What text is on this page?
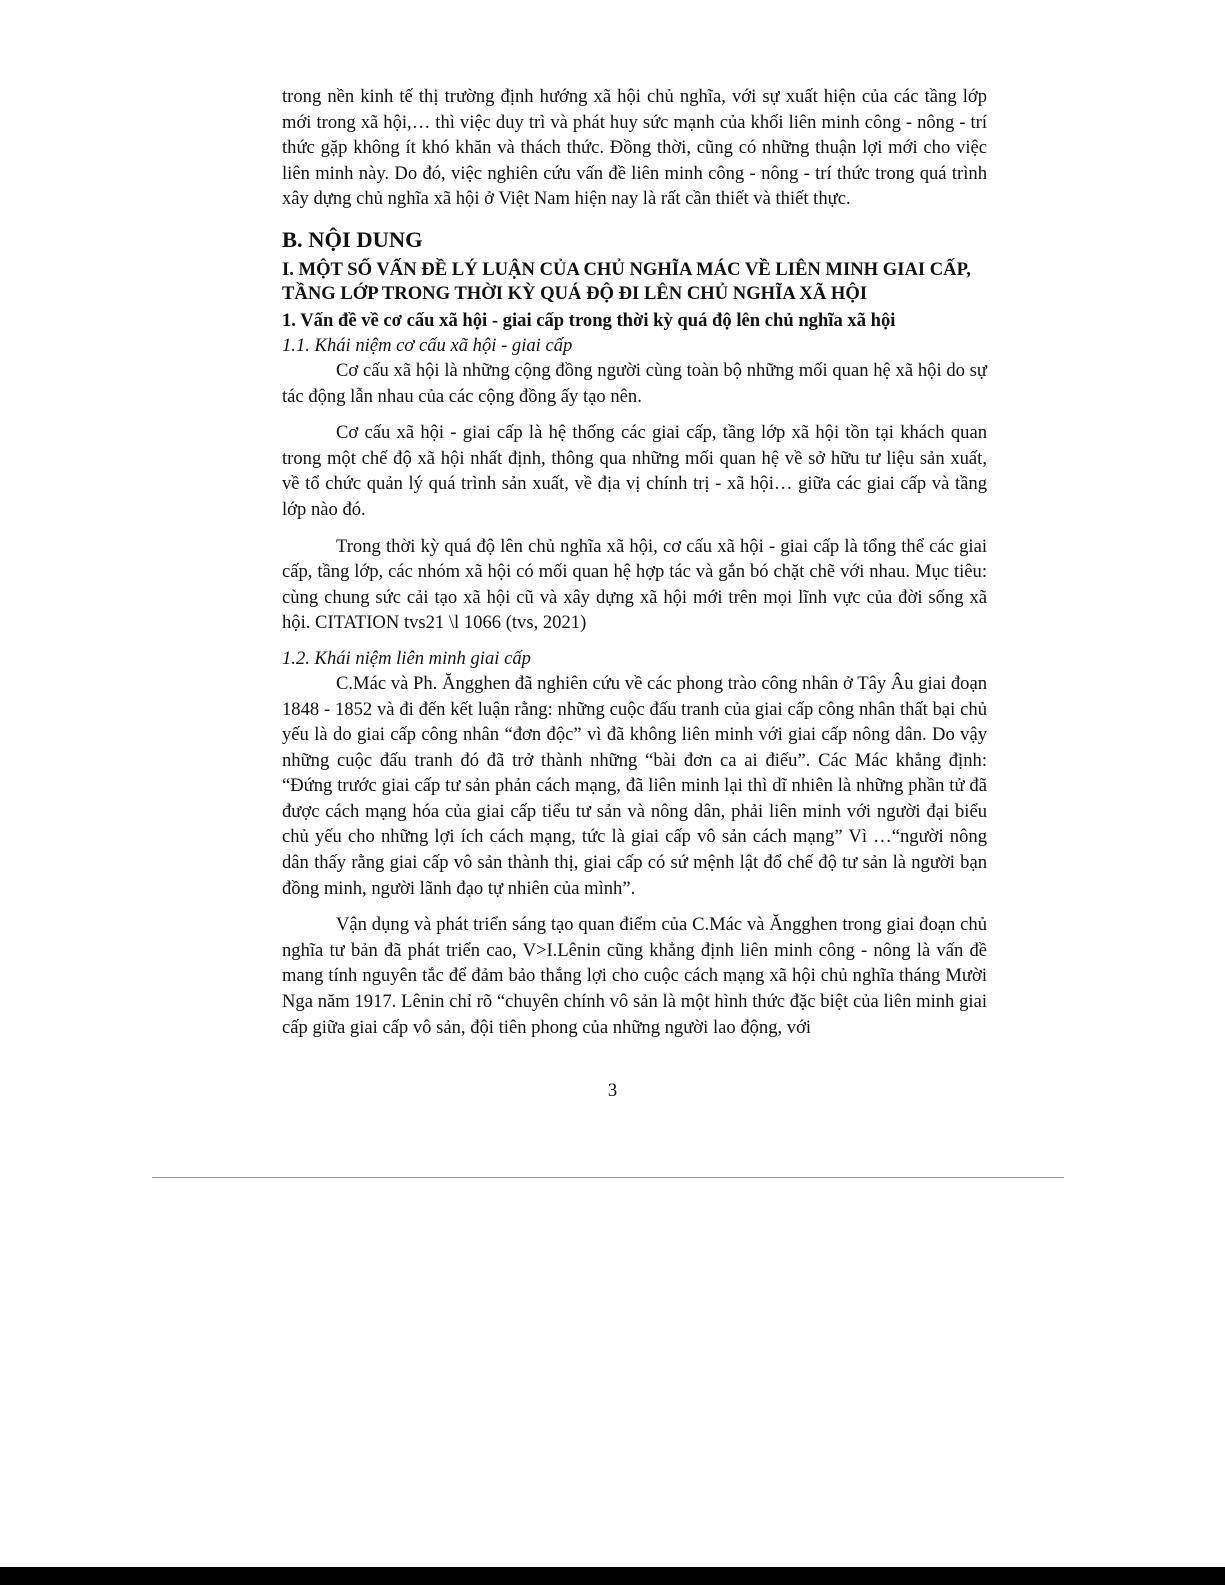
trong nền kinh tế thị trường định hướng xã hội chủ nghĩa, với sự xuất hiện của các tầng lớp mới trong xã hội,… thì việc duy trì và phát huy sức mạnh của khối liên minh công - nông - trí thức gặp không ít khó khăn và thách thức. Đồng thời, cũng có những thuận lợi mới cho việc liên minh này. Do đó, việc nghiên cứu vấn đề liên minh công - nông - trí thức trong quá trình xây dựng chủ nghĩa xã hội ở Việt Nam hiện nay là rất cần thiết và thiết thực.

B. NỘI DUNG
I. MỘT SỐ VẤN ĐỀ LÝ LUẬN CỦA CHỦ NGHĨA MÁC VỀ LIÊN MINH GIAI CẤP, TẦNG LỚP TRONG THỜI KỲ QUÁ ĐỘ ĐI LÊN CHỦ NGHĨA XÃ HỘI
1. Vấn đề về cơ cấu xã hội - giai cấp trong thời kỳ quá độ lên chủ nghĩa xã hội
1.1. Khái niệm cơ cấu xã hội - giai cấp

Cơ cấu xã hội là những cộng đồng người cùng toàn bộ những mối quan hệ xã hội do sự tác động lẫn nhau của các cộng đồng ấy tạo nên.

Cơ cấu xã hội - giai cấp là hệ thống các giai cấp, tầng lớp xã hội tồn tại khách quan trong một chế độ xã hội nhất định, thông qua những mối quan hệ về sở hữu tư liệu sản xuất, về tổ chức quản lý quá trình sản xuất, về địa vị chính trị - xã hội… giữa các giai cấp và tầng lớp nào đó.

Trong thời kỳ quá độ lên chủ nghĩa xã hội, cơ cấu xã hội - giai cấp là tổng thể các giai cấp, tầng lớp, các nhóm xã hội có mối quan hệ hợp tác và gắn bó chặt chẽ với nhau. Mục tiêu: cùng chung sức cải tạo xã hội cũ và xây dựng xã hội mới trên mọi lĩnh vực của đời sống xã hội. CITATION tvs21 \l 1066 (tvs, 2021)

1.2. Khái niệm liên minh giai cấp

C.Mác và Ph. Ăngghen đã nghiên cứu về các phong trào công nhân ở Tây Âu giai đoạn 1848 - 1852 và đi đến kết luận rằng: những cuộc đấu tranh của giai cấp công nhân thất bại chủ yếu là do giai cấp công nhân “đơn độc” vì đã không liên minh với giai cấp nông dân. Do vậy những cuộc đấu tranh đó đã trở thành những “bài đơn ca ai điếu”. Các Mác khẳng định: “Đứng trước giai cấp tư sản phản cách mạng, đã liên minh lại thì dĩ nhiên là những phần tử đã được cách mạng hóa của giai cấp tiểu tư sản và nông dân, phải liên minh với người đại biểu chủ yếu cho những lợi ích cách mạng, tức là giai cấp vô sản cách mạng” Vì …“người nông dân thấy rằng giai cấp vô sản thành thị, giai cấp có sứ mệnh lật đổ chế độ tư sản là người bạn đồng minh, người lãnh đạo tự nhiên của mình”.

Vận dụng và phát triển sáng tạo quan điểm của C.Mác và Ăngghen trong giai đoạn chủ nghĩa tư bản đã phát triển cao, V>I.Lênin cũng khẳng định liên minh công - nông là vấn đề mang tính nguyên tắc để đảm bảo thắng lợi cho cuộc cách mạng xã hội chủ nghĩa tháng Mười Nga năm 1917. Lênin chỉ rõ “chuyên chính vô sản là một hình thức đặc biệt của liên minh giai cấp giữa giai cấp vô sản, đội tiên phong của những người lao động, với

3
